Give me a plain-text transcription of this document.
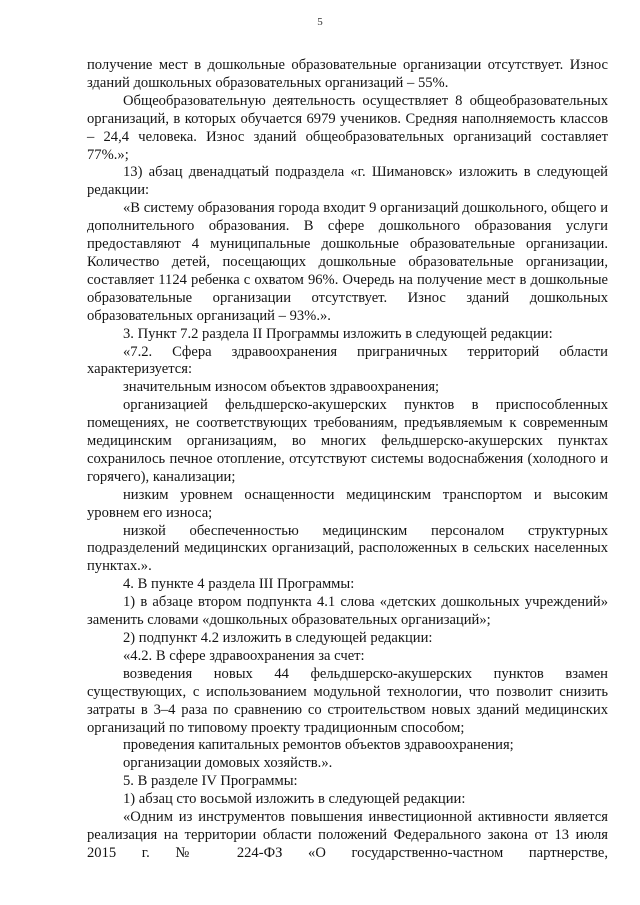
5

получение мест в дошкольные образовательные организации отсутствует. Износ зданий дошкольных образовательных организаций – 55%.

Общеобразовательную деятельность осуществляет 8 общеобразовательных организаций, в которых обучается 6979 учеников. Средняя наполняемость классов – 24,4 человека. Износ зданий общеобразовательных организаций составляет 77%.»;

13) абзац двенадцатый подраздела «г. Шимановск» изложить в следующей редакции:

«В систему образования города входит 9 организаций дошкольного, общего и дополнительного образования. В сфере дошкольного образования услуги предоставляют 4 муниципальные дошкольные образовательные организации. Количество детей, посещающих дошкольные образовательные организации, составляет 1124 ребенка с охватом 96%. Очередь на получение мест в дошкольные образовательные организации отсутствует. Износ зданий дошкольных образовательных организаций – 93%.».

3. Пункт 7.2 раздела II Программы изложить в следующей редакции:

«7.2. Сфера здравоохранения приграничных территорий области характеризуется:

значительным износом объектов здравоохранения;

организацией фельдшерско-акушерских пунктов в приспособленных помещениях, не соответствующих требованиям, предъявляемым к современным медицинским организациям, во многих фельдшерско-акушерских пунктах сохранилось печное отопление, отсутствуют системы водоснабжения (холодного и горячего), канализации;

низким уровнем оснащенности медицинским транспортом и высоким уровнем его износа;

низкой обеспеченностью медицинским персоналом структурных подразделений медицинских организаций, расположенных в сельских населенных пунктах.».

4. В пункте 4 раздела III Программы:

1) в абзаце втором подпункта 4.1 слова «детских дошкольных учреждений» заменить словами «дошкольных образовательных организаций»;

2) подпункт 4.2 изложить в следующей редакции:

«4.2. В сфере здравоохранения за счет:

возведения новых 44 фельдшерско-акушерских пунктов взамен существующих, с использованием модульной технологии, что позволит снизить затраты в 3–4 раза по сравнению со строительством новых зданий медицинских организаций по типовому проекту традиционным способом;

проведения капитальных ремонтов объектов здравоохранения;

организации домовых хозяйств.».

5. В разделе IV Программы:

1) абзац сто восьмой изложить в следующей редакции:

«Одним из инструментов повышения инвестиционной активности является реализация на территории области положений Федерального закона от 13 июля 2015 г. № 224-ФЗ «О государственно-частном партнерстве,
